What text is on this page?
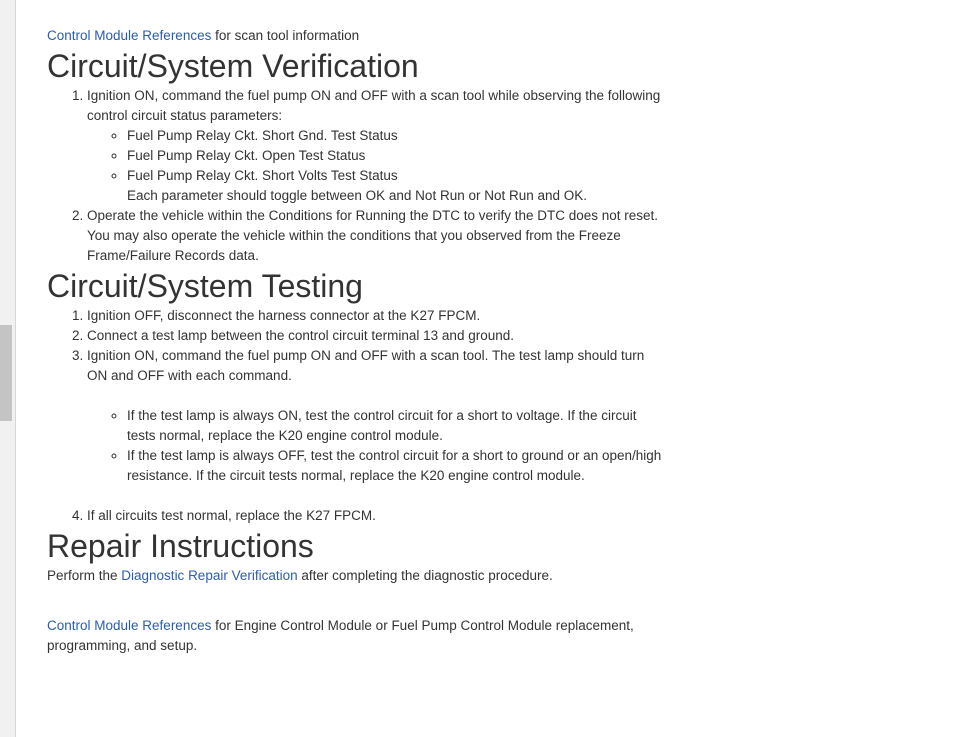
Control Module References for scan tool information

Circuit/System Verification
1. Ignition ON, command the fuel pump ON and OFF with a scan tool while observing the following control circuit status parameters:
◦ Fuel Pump Relay Ckt. Short Gnd. Test Status
◦ Fuel Pump Relay Ckt. Open Test Status
◦ Fuel Pump Relay Ckt. Short Volts Test Status
Each parameter should toggle between OK and Not Run or Not Run and OK.
2. Operate the vehicle within the Conditions for Running the DTC to verify the DTC does not reset. You may also operate the vehicle within the conditions that you observed from the Freeze Frame/Failure Records data.
Circuit/System Testing
1. Ignition OFF, disconnect the harness connector at the K27 FPCM.
2. Connect a test lamp between the control circuit terminal 13 and ground.
3. Ignition ON, command the fuel pump ON and OFF with a scan tool. The test lamp should turn ON and OFF with each command.
◦ If the test lamp is always ON, test the control circuit for a short to voltage. If the circuit tests normal, replace the K20 engine control module.
◦ If the test lamp is always OFF, test the control circuit for a short to ground or an open/high resistance. If the circuit tests normal, replace the K20 engine control module.
4. If all circuits test normal, replace the K27 FPCM.
Repair Instructions

Perform the Diagnostic Repair Verification after completing the diagnostic procedure.

Control Module References for Engine Control Module or Fuel Pump Control Module replacement, programming, and setup.
